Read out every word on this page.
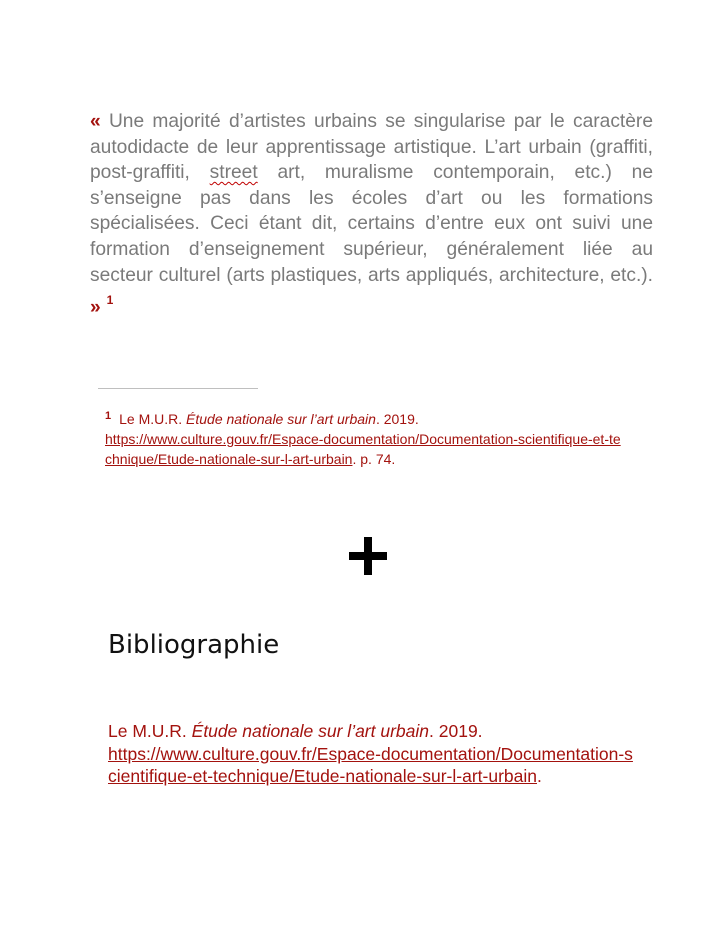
« Une majorité d’artistes urbains se singularise par le caractère autodidacte de leur apprentissage artistique. L’art urbain (graffiti, post-graffiti, street art, muralisme contemporain, etc.) ne s’enseigne pas dans les écoles d’art ou les formations spécialisées. Ceci étant dit, certains d’entre eux ont suivi une formation d’enseignement supérieur, généralement liée au secteur culturel (arts plastiques, arts appliqués, architecture, etc.). » $^1$
$^1$ Le M.U.R. Étude nationale sur l’art urbain. 2019.
https://www.culture.gouv.fr/Espace-documentation/Documentation-scientifique-et-technique/Etude-nationale-sur-l-art-urbain. p. 74.
Bibliographie
Le M.U.R. Étude nationale sur l’art urbain. 2019.
https://www.culture.gouv.fr/Espace-documentation/Documentation-scientifique-et-technique/Etude-nationale-sur-l-art-urbain.
